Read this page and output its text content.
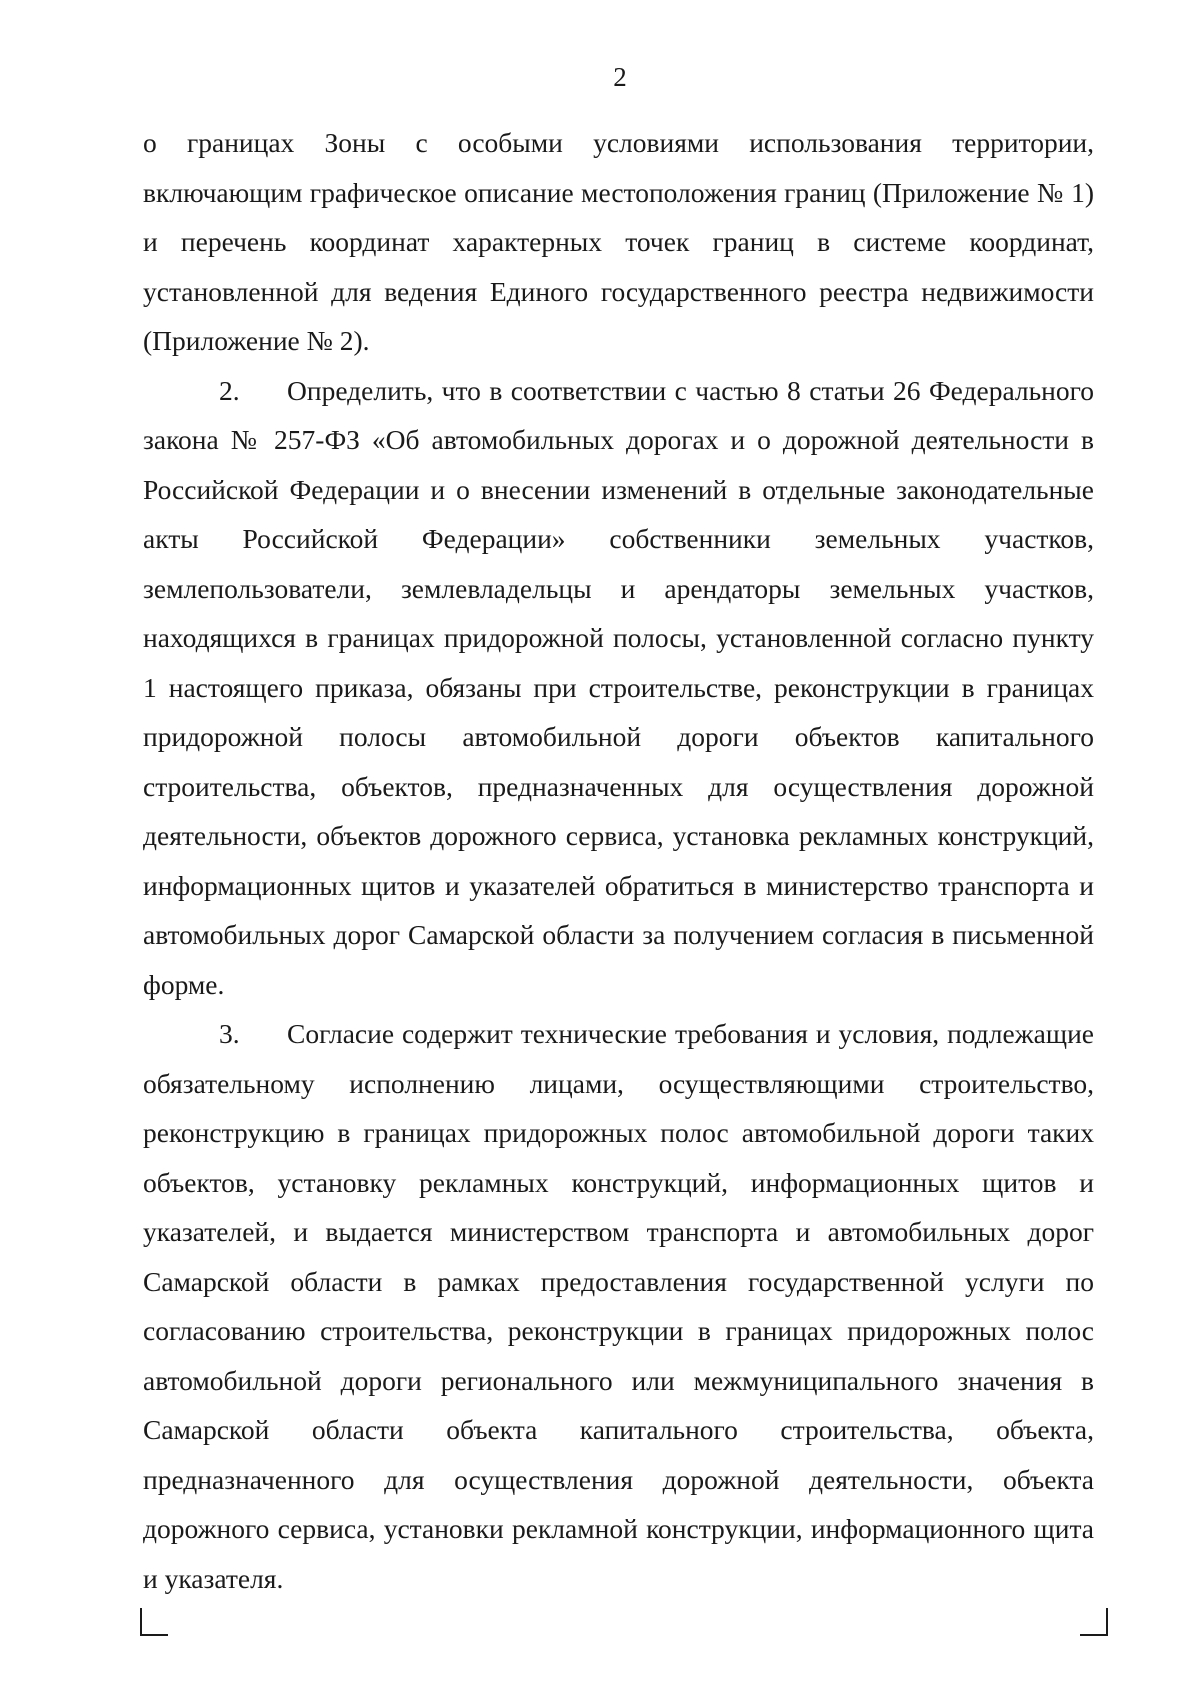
2

о границах Зоны с особыми условиями использования территории, включающим графическое описание местоположения границ (Приложение № 1) и перечень координат характерных точек границ в системе координат, установленной для ведения Единого государственного реестра недвижимости (Приложение № 2).

2. Определить, что в соответствии с частью 8 статьи 26 Федерального закона № 257-ФЗ «Об автомобильных дорогах и о дорожной деятельности в Российской Федерации и о внесении изменений в отдельные законодательные акты Российской Федерации» собственники земельных участков, землепользователи, землевладельцы и арендаторы земельных участков, находящихся в границах придорожной полосы, установленной согласно пункту 1 настоящего приказа, обязаны при строительстве, реконструкции в границах придорожной полосы автомобильной дороги объектов капитального строительства, объектов, предназначенных для осуществления дорожной деятельности, объектов дорожного сервиса, установка рекламных конструкций, информационных щитов и указателей обратиться в министерство транспорта и автомобильных дорог Самарской области за получением согласия в письменной форме.

3. Согласие содержит технические требования и условия, подлежащие обязательному исполнению лицами, осуществляющими строительство, реконструкцию в границах придорожных полос автомобильной дороги таких объектов, установку рекламных конструкций, информационных щитов и указателей, и выдается министерством транспорта и автомобильных дорог Самарской области в рамках предоставления государственной услуги по согласованию строительства, реконструкции в границах придорожных полос автомобильной дороги регионального или межмуниципального значения в Самарской области объекта капитального строительства, объекта, предназначенного для осуществления дорожной деятельности, объекта дорожного сервиса, установки рекламной конструкции, информационного щита и указателя.
